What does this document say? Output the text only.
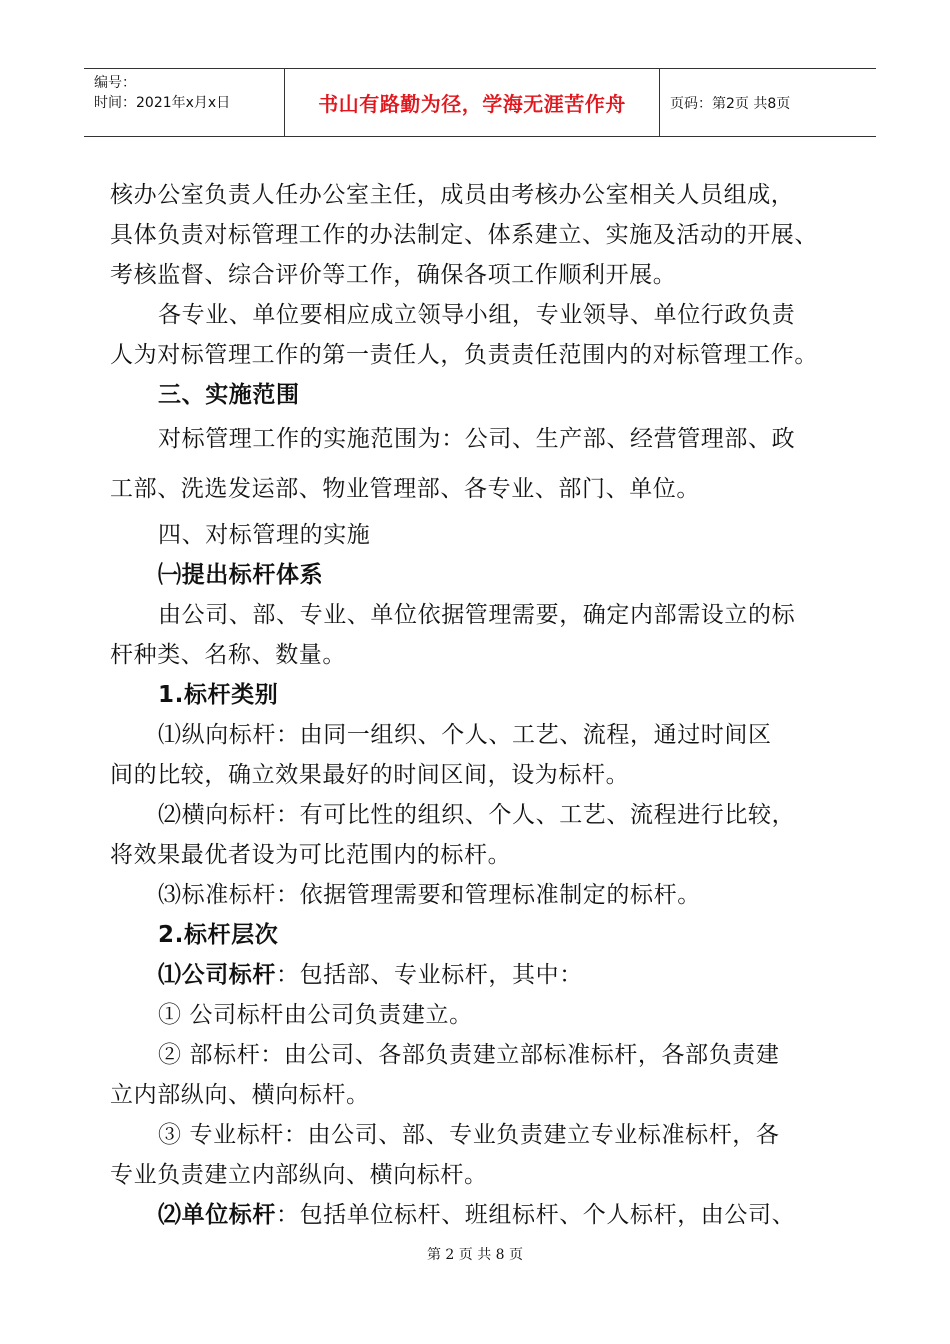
编号：
时间：2021年x月x日	书山有路勤为径，学海无涯苦作舟	页码：第2页 共8页
核办公室负责人任办公室主任，成员由考核办公室相关人员组成，
具体负责对标管理工作的办法制定、体系建立、实施及活动的开展、
考核监督、综合评价等工作，确保各项工作顺利开展。
各专业、单位要相应成立领导小组，专业领导、单位行政负责
人为对标管理工作的第一责任人，负责责任范围内的对标管理工作。
三、实施范围
对标管理工作的实施范围为：公司、生产部、经营管理部、政
工部、洗选发运部、物业管理部、各专业、部门、单位。
四、对标管理的实施
㈠提出标杆体系
由公司、部、专业、单位依据管理需要，确定内部需设立的标
杆种类、名称、数量。
1.标杆类别
⑴纵向标杆：由同一组织、个人、工艺、流程，通过时间区
间的比较，确立效果最好的时间区间，设为标杆。
⑵横向标杆：有可比性的组织、个人、工艺、流程进行比较，
将效果最优者设为可比范围内的标杆。
⑶标准标杆：依据管理需要和管理标准制定的标杆。
2.标杆层次
⑴公司标杆：包括部、专业标杆，其中：
① 公司标杆由公司负责建立。
② 部标杆：由公司、各部负责建立部标准标杆，各部负责建
立内部纵向、横向标杆。
③ 专业标杆：由公司、部、专业负责建立专业标准标杆，各
专业负责建立内部纵向、横向标杆。
⑵单位标杆：包括单位标杆、班组标杆、个人标杆，由公司、
第 2 页 共 8 页
